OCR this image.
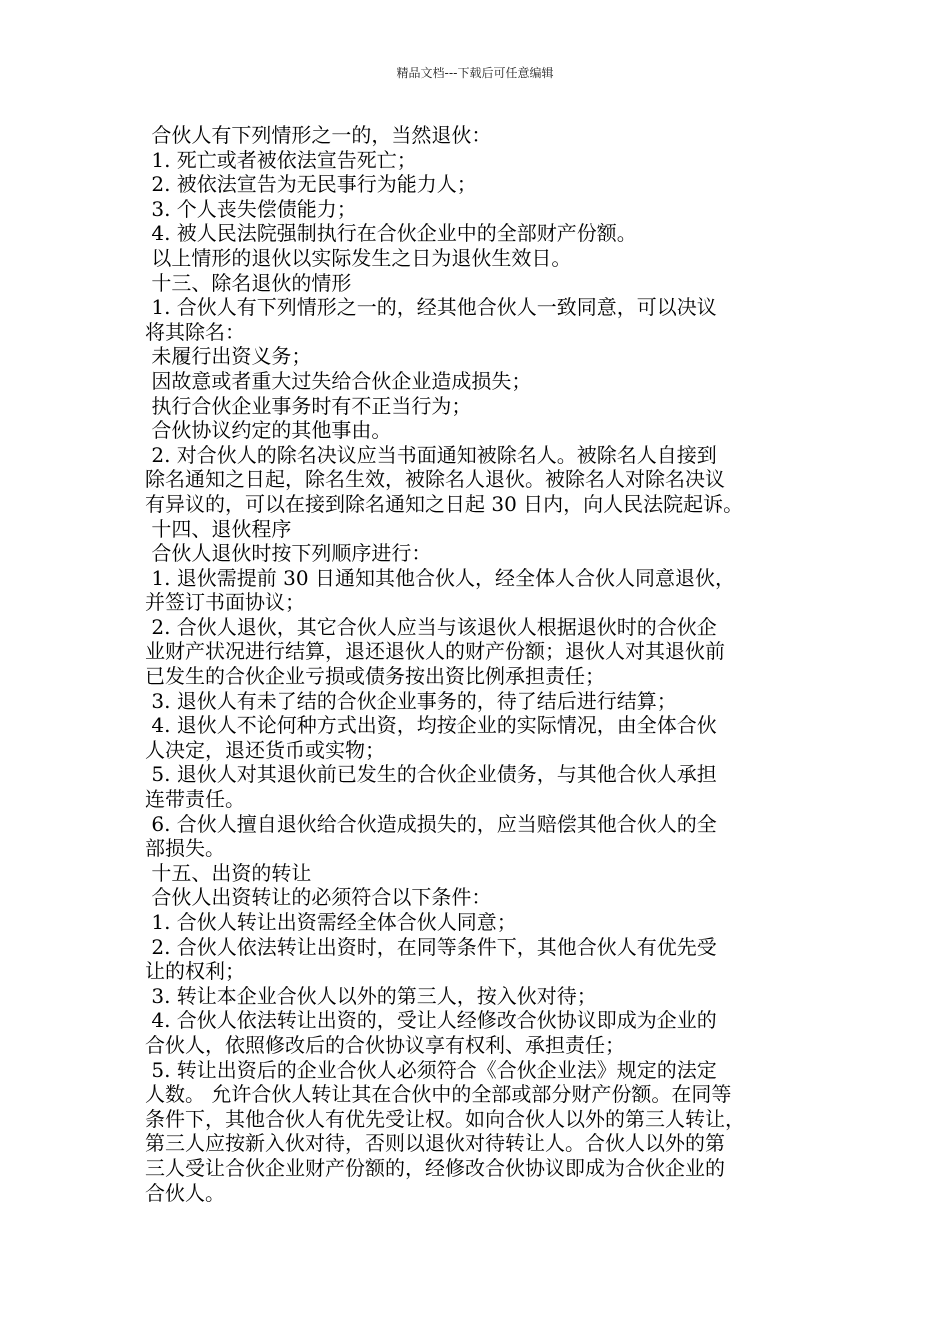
精品文档---下载后可任意编辑
合伙人有下列情形之一的，当然退伙：
1. 死亡或者被依法宣告死亡；
2. 被依法宣告为无民事行为能力人；
3. 个人丧失偿债能力；
4. 被人民法院强制执行在合伙企业中的全部财产份额。
以上情形的退伙以实际发生之日为退伙生效日。
十三、除名退伙的情形
1. 合伙人有下列情形之一的，经其他合伙人一致同意，可以决议
将其除名：
未履行出资义务；
因故意或者重大过失给合伙企业造成损失；
执行合伙企业事务时有不正当行为；
合伙协议约定的其他事由。
2. 对合伙人的除名决议应当书面通知被除名人。被除名人自接到
除名通知之日起，除名生效，被除名人退伙。被除名人对除名决议
有异议的，可以在接到除名通知之日起 30 日内，向人民法院起诉。
十四、退伙程序
合伙人退伙时按下列顺序进行：
1. 退伙需提前 30 日通知其他合伙人，经全体人合伙人同意退伙，
并签订书面协议；
2. 合伙人退伙，其它合伙人应当与该退伙人根据退伙时的合伙企
业财产状况进行结算，退还退伙人的财产份额；退伙人对其退伙前
已发生的合伙企业亏损或债务按出资比例承担责任；
3. 退伙人有未了结的合伙企业事务的，待了结后进行结算；
4. 退伙人不论何种方式出资，均按企业的实际情况，由全体合伙
人决定，退还货币或实物；
5. 退伙人对其退伙前已发生的合伙企业债务，与其他合伙人承担
连带责任。
6. 合伙人擅自退伙给合伙造成损失的，应当赔偿其他合伙人的全
部损失。
十五、出资的转让
合伙人出资转让的必须符合以下条件：
1. 合伙人转让出资需经全体合伙人同意；
2. 合伙人依法转让出资时，在同等条件下，其他合伙人有优先受
让的权利；
3. 转让本企业合伙人以外的第三人，按入伙对待；
4. 合伙人依法转让出资的，受让人经修改合伙协议即成为企业的
合伙人，依照修改后的合伙协议享有权利、承担责任；
5. 转让出资后的企业合伙人必须符合《合伙企业法》规定的法定
人数。 允许合伙人转让其在合伙中的全部或部分财产份额。在同等
条件下，其他合伙人有优先受让权。如向合伙人以外的第三人转让，
第三人应按新入伙对待，否则以退伙对待转让人。合伙人以外的第
三人受让合伙企业财产份额的，经修改合伙协议即成为合伙企业的
合伙人。
